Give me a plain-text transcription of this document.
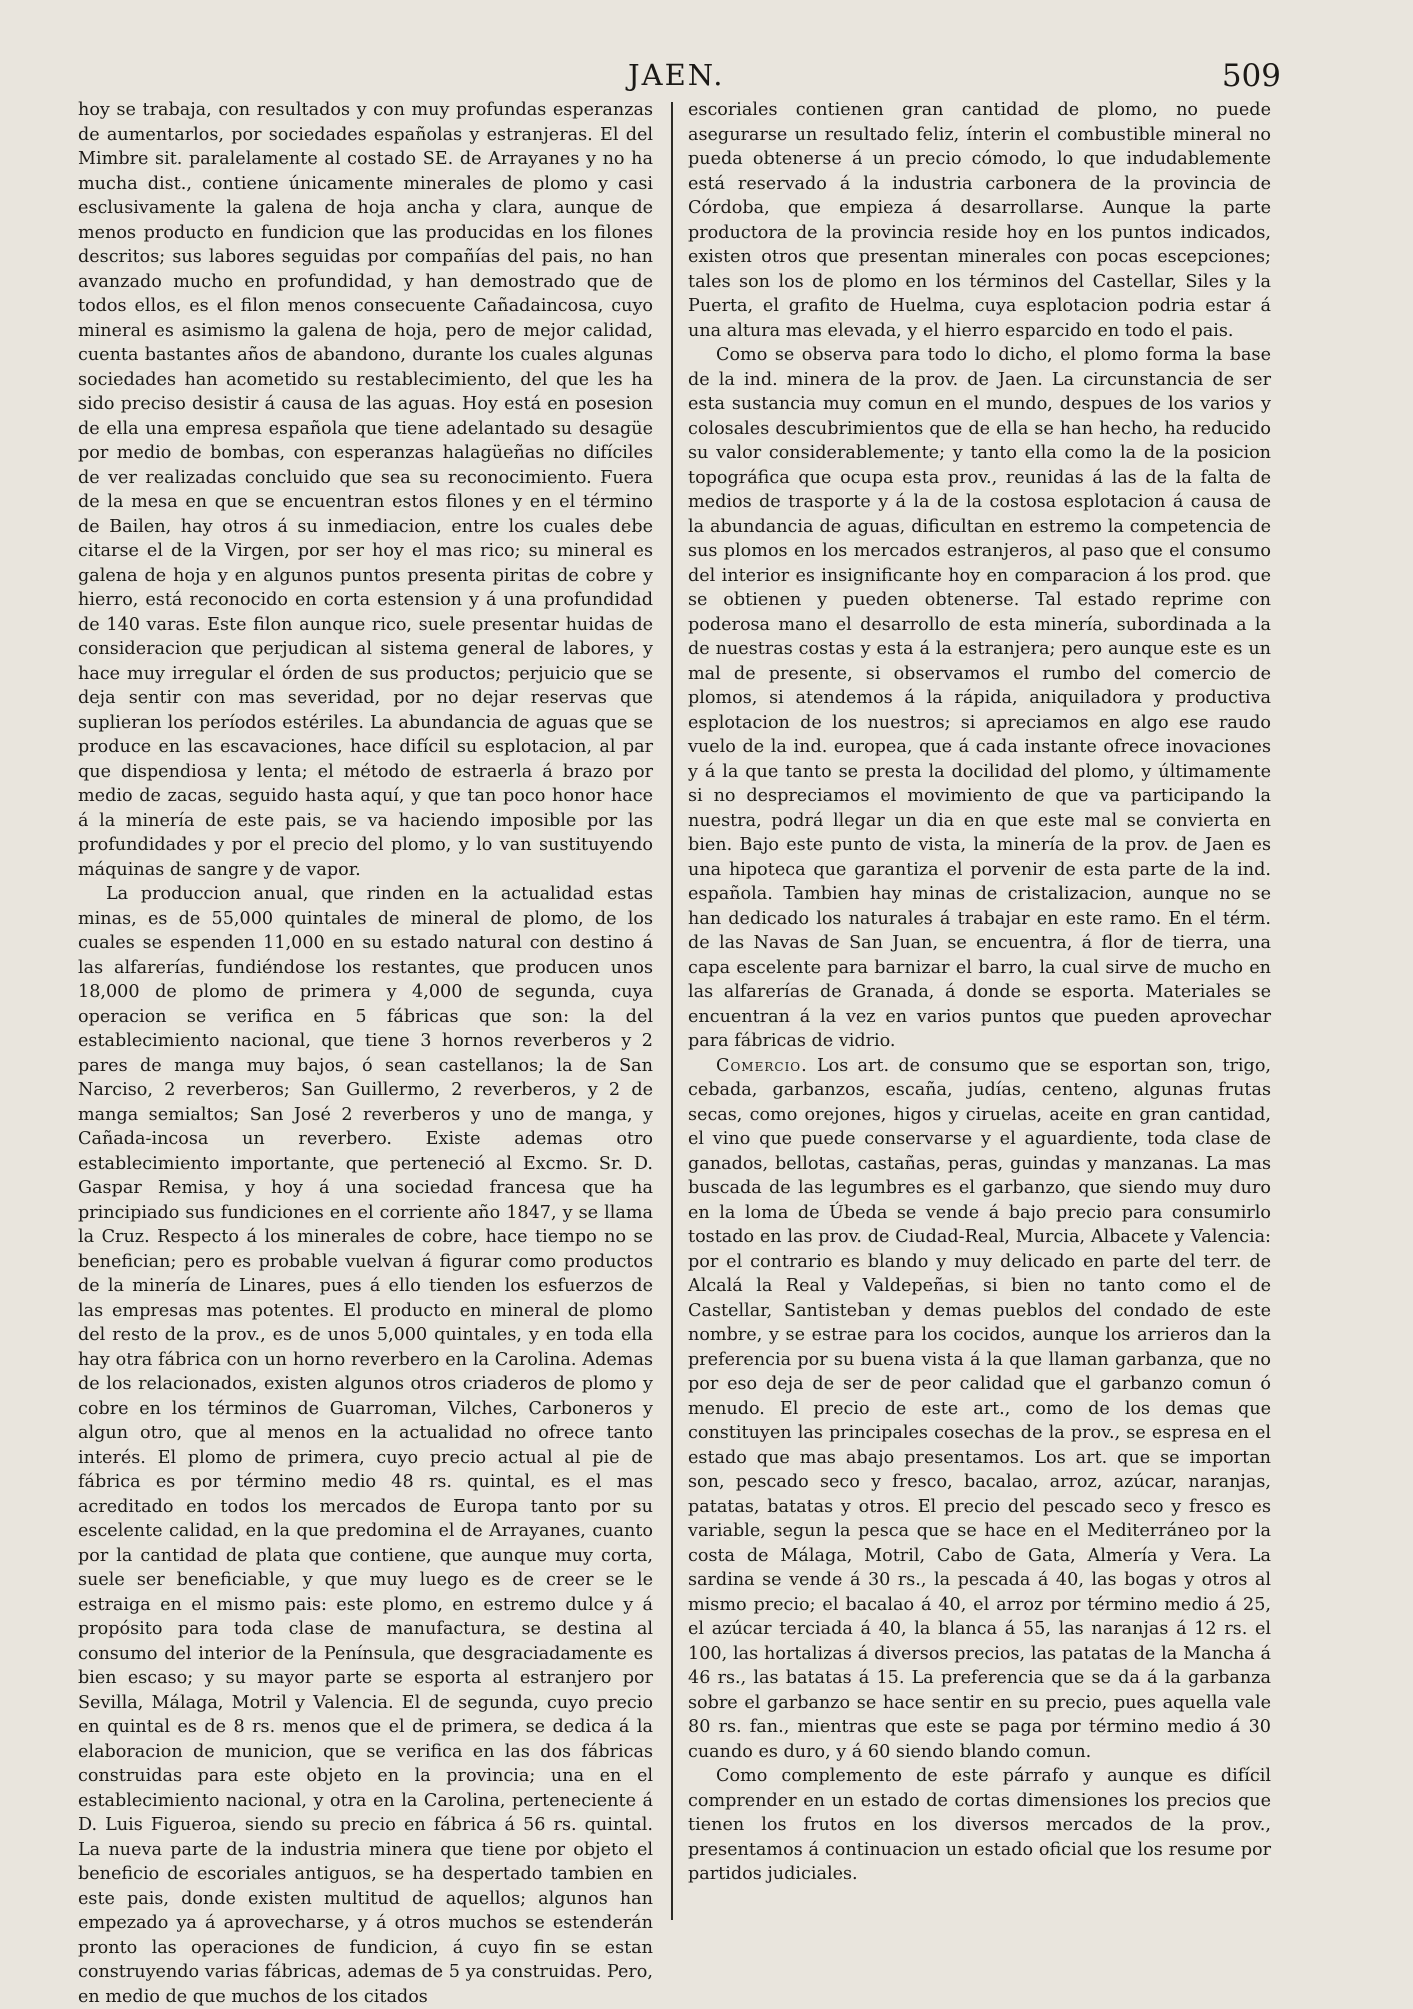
JAEN.	509

hoy se trabaja, con resultados y con muy profundas esperanzas de aumentarlos, por sociedades españolas y estranjeras. El del Mimbre sit. paralelamente al costado SE. de Arrayanes y no ha mucha dist., contiene únicamente minerales de plomo y casi esclusivamente la galena de hoja ancha y clara, aunque de menos producto en fundicion que las producidas en los filones descritos; sus labores seguidas por compañías del pais, no han avanzado mucho en profundidad, y han demostrado que de todos ellos, es el filon menos consecuente Cañadaincosa, cuyo mineral es asimismo la galena de hoja, pero de mejor calidad, cuenta bastantes años de abandono, durante los cuales algunas sociedades han acometido su restablecimiento, del que les ha sido preciso desistir á causa de las aguas. Hoy está en posesion de ella una empresa española que tiene adelantado su desagüe por medio de bombas, con esperanzas halagüeñas no difíciles de ver realizadas concluido que sea su reconocimiento. Fuera de la mesa en que se encuentran estos filones y en el término de Bailen, hay otros á su inmediacion, entre los cuales debe citarse el de la Virgen, por ser hoy el mas rico; su mineral es galena de hoja y en algunos puntos presenta piritas de cobre y hierro, está reconocido en corta estension y á una profundidad de 140 varas. Este filon aunque rico, suele presentar huidas de consideracion que perjudican al sistema general de labores, y hace muy irregular el órden de sus productos; perjuicio que se deja sentir con mas severidad, por no dejar reservas que suplieran los períodos estériles. La abundancia de aguas que se produce en las escavaciones, hace difícil su esplotacion, al par que dispendiosa y lenta; el método de estraerla á brazo por medio de zacas, seguido hasta aquí, y que tan poco honor hace á la minería de este pais, se va haciendo imposible por las profundidades y por el precio del plomo, y lo van sustituyendo máquinas de sangre y de vapor.

La produccion anual, que rinden en la actualidad estas minas, es de 55,000 quintales de mineral de plomo, de los cuales se espenden 11,000 en su estado natural con destino á las alfarerías, fundiéndose los restantes, que producen unos 18,000 de plomo de primera y 4,000 de segunda, cuya operacion se verifica en 5 fábricas que son: la del establecimiento nacional, que tiene 3 hornos reverberos y 2 pares de manga muy bajos, ó sean castellanos; la de San Narciso, 2 reverberos; San Guillermo, 2 reverberos, y 2 de manga semialtos; San José 2 reverberos y uno de manga, y Cañada-incosa un reverbero. Existe ademas otro establecimiento importante, que perteneció al Excmo. Sr. D. Gaspar Remisa, y hoy á una sociedad francesa que ha principiado sus fundiciones en el corriente año 1847, y se llama la Cruz. Respecto á los minerales de cobre, hace tiempo no se benefician; pero es probable vuelvan á figurar como productos de la minería de Linares, pues á ello tienden los esfuerzos de las empresas mas potentes. El producto en mineral de plomo del resto de la prov., es de unos 5,000 quintales, y en toda ella hay otra fábrica con un horno reverbero en la Carolina. Ademas de los relacionados, existen algunos otros criaderos de plomo y cobre en los términos de Guarroman, Vilches, Carboneros y algun otro, que al menos en la actualidad no ofrece tanto interés. El plomo de primera, cuyo precio actual al pie de fábrica es por término medio 48 rs. quintal, es el mas acreditado en todos los mercados de Europa tanto por su escelente calidad, en la que predomina el de Arrayanes, cuanto por la cantidad de plata que contiene, que aunque muy corta, suele ser beneficiable, y que muy luego es de creer se le estraiga en el mismo pais: este plomo, en estremo dulce y á propósito para toda clase de manufactura, se destina al consumo del interior de la Península, que desgraciadamente es bien escaso; y su mayor parte se esporta al estranjero por Sevilla, Málaga, Motril y Valencia. El de segunda, cuyo precio en quintal es de 8 rs. menos que el de primera, se dedica á la elaboracion de municion, que se verifica en las dos fábricas construidas para este objeto en la provincia; una en el establecimiento nacional, y otra en la Carolina, perteneciente á D. Luis Figueroa, siendo su precio en fábrica á 56 rs. quintal. La nueva parte de la industria minera que tiene por objeto el beneficio de escoriales antiguos, se ha despertado tambien en este pais, donde existen multitud de aquellos; algunos han empezado ya á aprovecharse, y á otros muchos se estenderán pronto las operaciones de fundicion, á cuyo fin se estan construyendo varias fábricas, ademas de 5 ya construidas. Pero, en medio de que muchos de los citados

escoriales contienen gran cantidad de plomo, no puede asegurarse un resultado feliz, ínterin el combustible mineral no pueda obtenerse á un precio cómodo, lo que indudablemente está reservado á la industria carbonera de la provincia de Córdoba, que empieza á desarrollarse. Aunque la parte productora de la provincia reside hoy en los puntos indicados, existen otros que presentan minerales con pocas escepciones; tales son los de plomo en los términos del Castellar, Siles y la Puerta, el grafito de Huelma, cuya esplotacion podria estar á una altura mas elevada, y el hierro esparcido en todo el pais.

Como se observa para todo lo dicho, el plomo forma la base de la ind. minera de la prov. de Jaen. La circunstancia de ser esta sustancia muy comun en el mundo, despues de los varios y colosales descubrimientos que de ella se han hecho, ha reducido su valor considerablemente; y tanto ella como la de la posicion topográfica que ocupa esta prov., reunidas á las de la falta de medios de trasporte y á la de la costosa esplotacion á causa de la abundancia de aguas, dificultan en estremo la competencia de sus plomos en los mercados estranjeros, al paso que el consumo del interior es insignificante hoy en comparacion á los prod. que se obtienen y pueden obtenerse. Tal estado reprime con poderosa mano el desarrollo de esta minería, subordinada a la de nuestras costas y esta á la estranjera; pero aunque este es un mal de presente, si observamos el rumbo del comercio de plomos, si atendemos á la rápida, aniquiladora y productiva esplotacion de los nuestros; si apreciamos en algo ese raudo vuelo de la ind. europea, que á cada instante ofrece inovaciones y á la que tanto se presta la docilidad del plomo, y últimamente si no despreciamos el movimiento de que va participando la nuestra, podrá llegar un dia en que este mal se convierta en bien. Bajo este punto de vista, la minería de la prov. de Jaen es una hipoteca que garantiza el porvenir de esta parte de la ind. española. Tambien hay minas de cristalizacion, aunque no se han dedicado los naturales á trabajar en este ramo. En el térm. de las Navas de San Juan, se encuentra, á flor de tierra, una capa escelente para barnizar el barro, la cual sirve de mucho en las alfarerías de Granada, á donde se esporta. Materiales se encuentran á la vez en varios puntos que pueden aprovechar para fábricas de vidrio.

Comercio. Los art. de consumo que se esportan son, trigo, cebada, garbanzos, escaña, judías, centeno, algunas frutas secas, como orejones, higos y ciruelas, aceite en gran cantidad, el vino que puede conservarse y el aguardiente, toda clase de ganados, bellotas, castañas, peras, guindas y manzanas. La mas buscada de las legumbres es el garbanzo, que siendo muy duro en la loma de Úbeda se vende á bajo precio para consumirlo tostado en las prov. de Ciudad-Real, Murcia, Albacete y Valencia: por el contrario es blando y muy delicado en parte del terr. de Alcalá la Real y Valdepeñas, si bien no tanto como el de Castellar, Santisteban y demas pueblos del condado de este nombre, y se estrae para los cocidos, aunque los arrieros dan la preferencia por su buena vista á la que llaman garbanza, que no por eso deja de ser de peor calidad que el garbanzo comun ó menudo. El precio de este art., como de los demas que constituyen las principales cosechas de la prov., se espresa en el estado que mas abajo presentamos. Los art. que se importan son, pescado seco y fresco, bacalao, arroz, azúcar, naranjas, patatas, batatas y otros. El precio del pescado seco y fresco es variable, segun la pesca que se hace en el Mediterráneo por la costa de Málaga, Motril, Cabo de Gata, Almería y Vera. La sardina se vende á 30 rs., la pescada á 40, las bogas y otros al mismo precio; el bacalao á 40, el arroz por término medio á 25, el azúcar terciada á 40, la blanca á 55, las naranjas á 12 rs. el 100, las hortalizas á diversos precios, las patatas de la Mancha á 46 rs., las batatas á 15. La preferencia que se da á la garbanza sobre el garbanzo se hace sentir en su precio, pues aquella vale 80 rs. fan., mientras que este se paga por término medio á 30 cuando es duro, y á 60 siendo blando comun.

Como complemento de este párrafo y aunque es difícil comprender en un estado de cortas dimensiones los precios que tienen los frutos en los diversos mercados de la prov., presentamos á continuacion un estado oficial que los resume por partidos judiciales.
